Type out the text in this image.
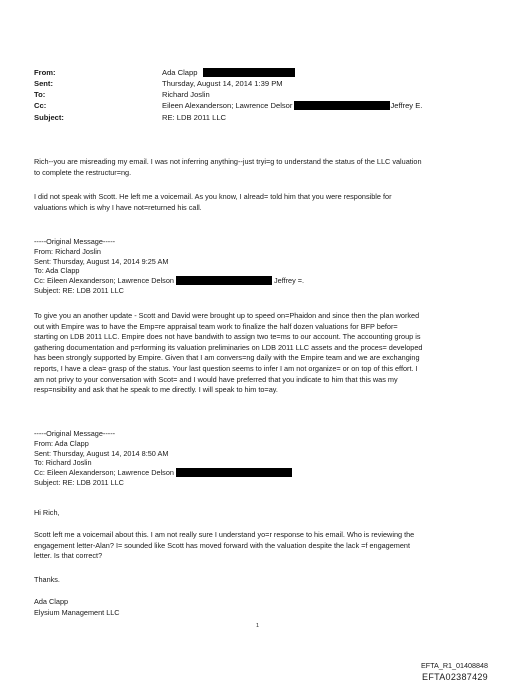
From:	Ada Clapp
Sent:	Thursday, August 14, 2014 1:39 PM
To:	Richard Joslin
Cc:	Eileen Alexanderson; Lawrence Delsor	Jeffrey E.
Subject:	RE: LDB 2011 LLC
Rich--you are misreading my email. I was not inferring anything--just tryi=g to understand the status of the LLC valuation
to complete the restructur=ng.
I did not speak with Scott. He left me a voicemail. As you know, I alread= told him that you were responsible for
valuations which is why I have not=returned his call.
-----Original Message-----
From: Richard Joslin
Sent: Thursday, August 14, 2014 9:25 AM
To: Ada Clapp
Cc: Eileen Alexanderson; Lawrence Delson	Jeffrey =.
Subject: RE: LDB 2011 LLC
To give you an another update - Scott and David were brought up to speed on=Phaidon and since then the plan worked
out with Empire was to have the Emp=re appraisal team work to finalize the half dozen valuations for BFP befor=
starting on LDB 2011 LLC. Empire does not have bandwith to assign two te=ms to our account. The accounting group is
gathering documentation and p=rforming its valuation preliminaries on LDB 2011 LLC assets and the proces= developed
has been strongly supported by Empire. Given that I am convers=ng daily with the Empire team and we are exchanging
reports, I have a clea= grasp of the status. Your last question seems to infer I am not organize= or on top of this effort. I
am not privy to your conversation with Scot= and I would have preferred that you indicate to him that this was my
resp=nsibility and ask that he speak to me directly. I will speak to him to=ay.
-----Original Message-----
From: Ada Clapp
Sent: Thursday, August 14, 2014 8:50 AM
To: Richard Joslin
Cc: Eileen Alexanderson; Lawrence Delson
Subject: RE: LDB 2011 LLC
Hi Rich,
Scott left me a voicemail about this. I am not really sure I understand yo=r response to his email. Who is reviewing the
engagement letter-Alan? I= sounded like Scott has moved forward with the valuation despite the lack =f engagement
letter. Is that correct?
Thanks.
Ada Clapp
Elysium Management LLC
1
EFTA_R1_01408848
EFTA02387429
